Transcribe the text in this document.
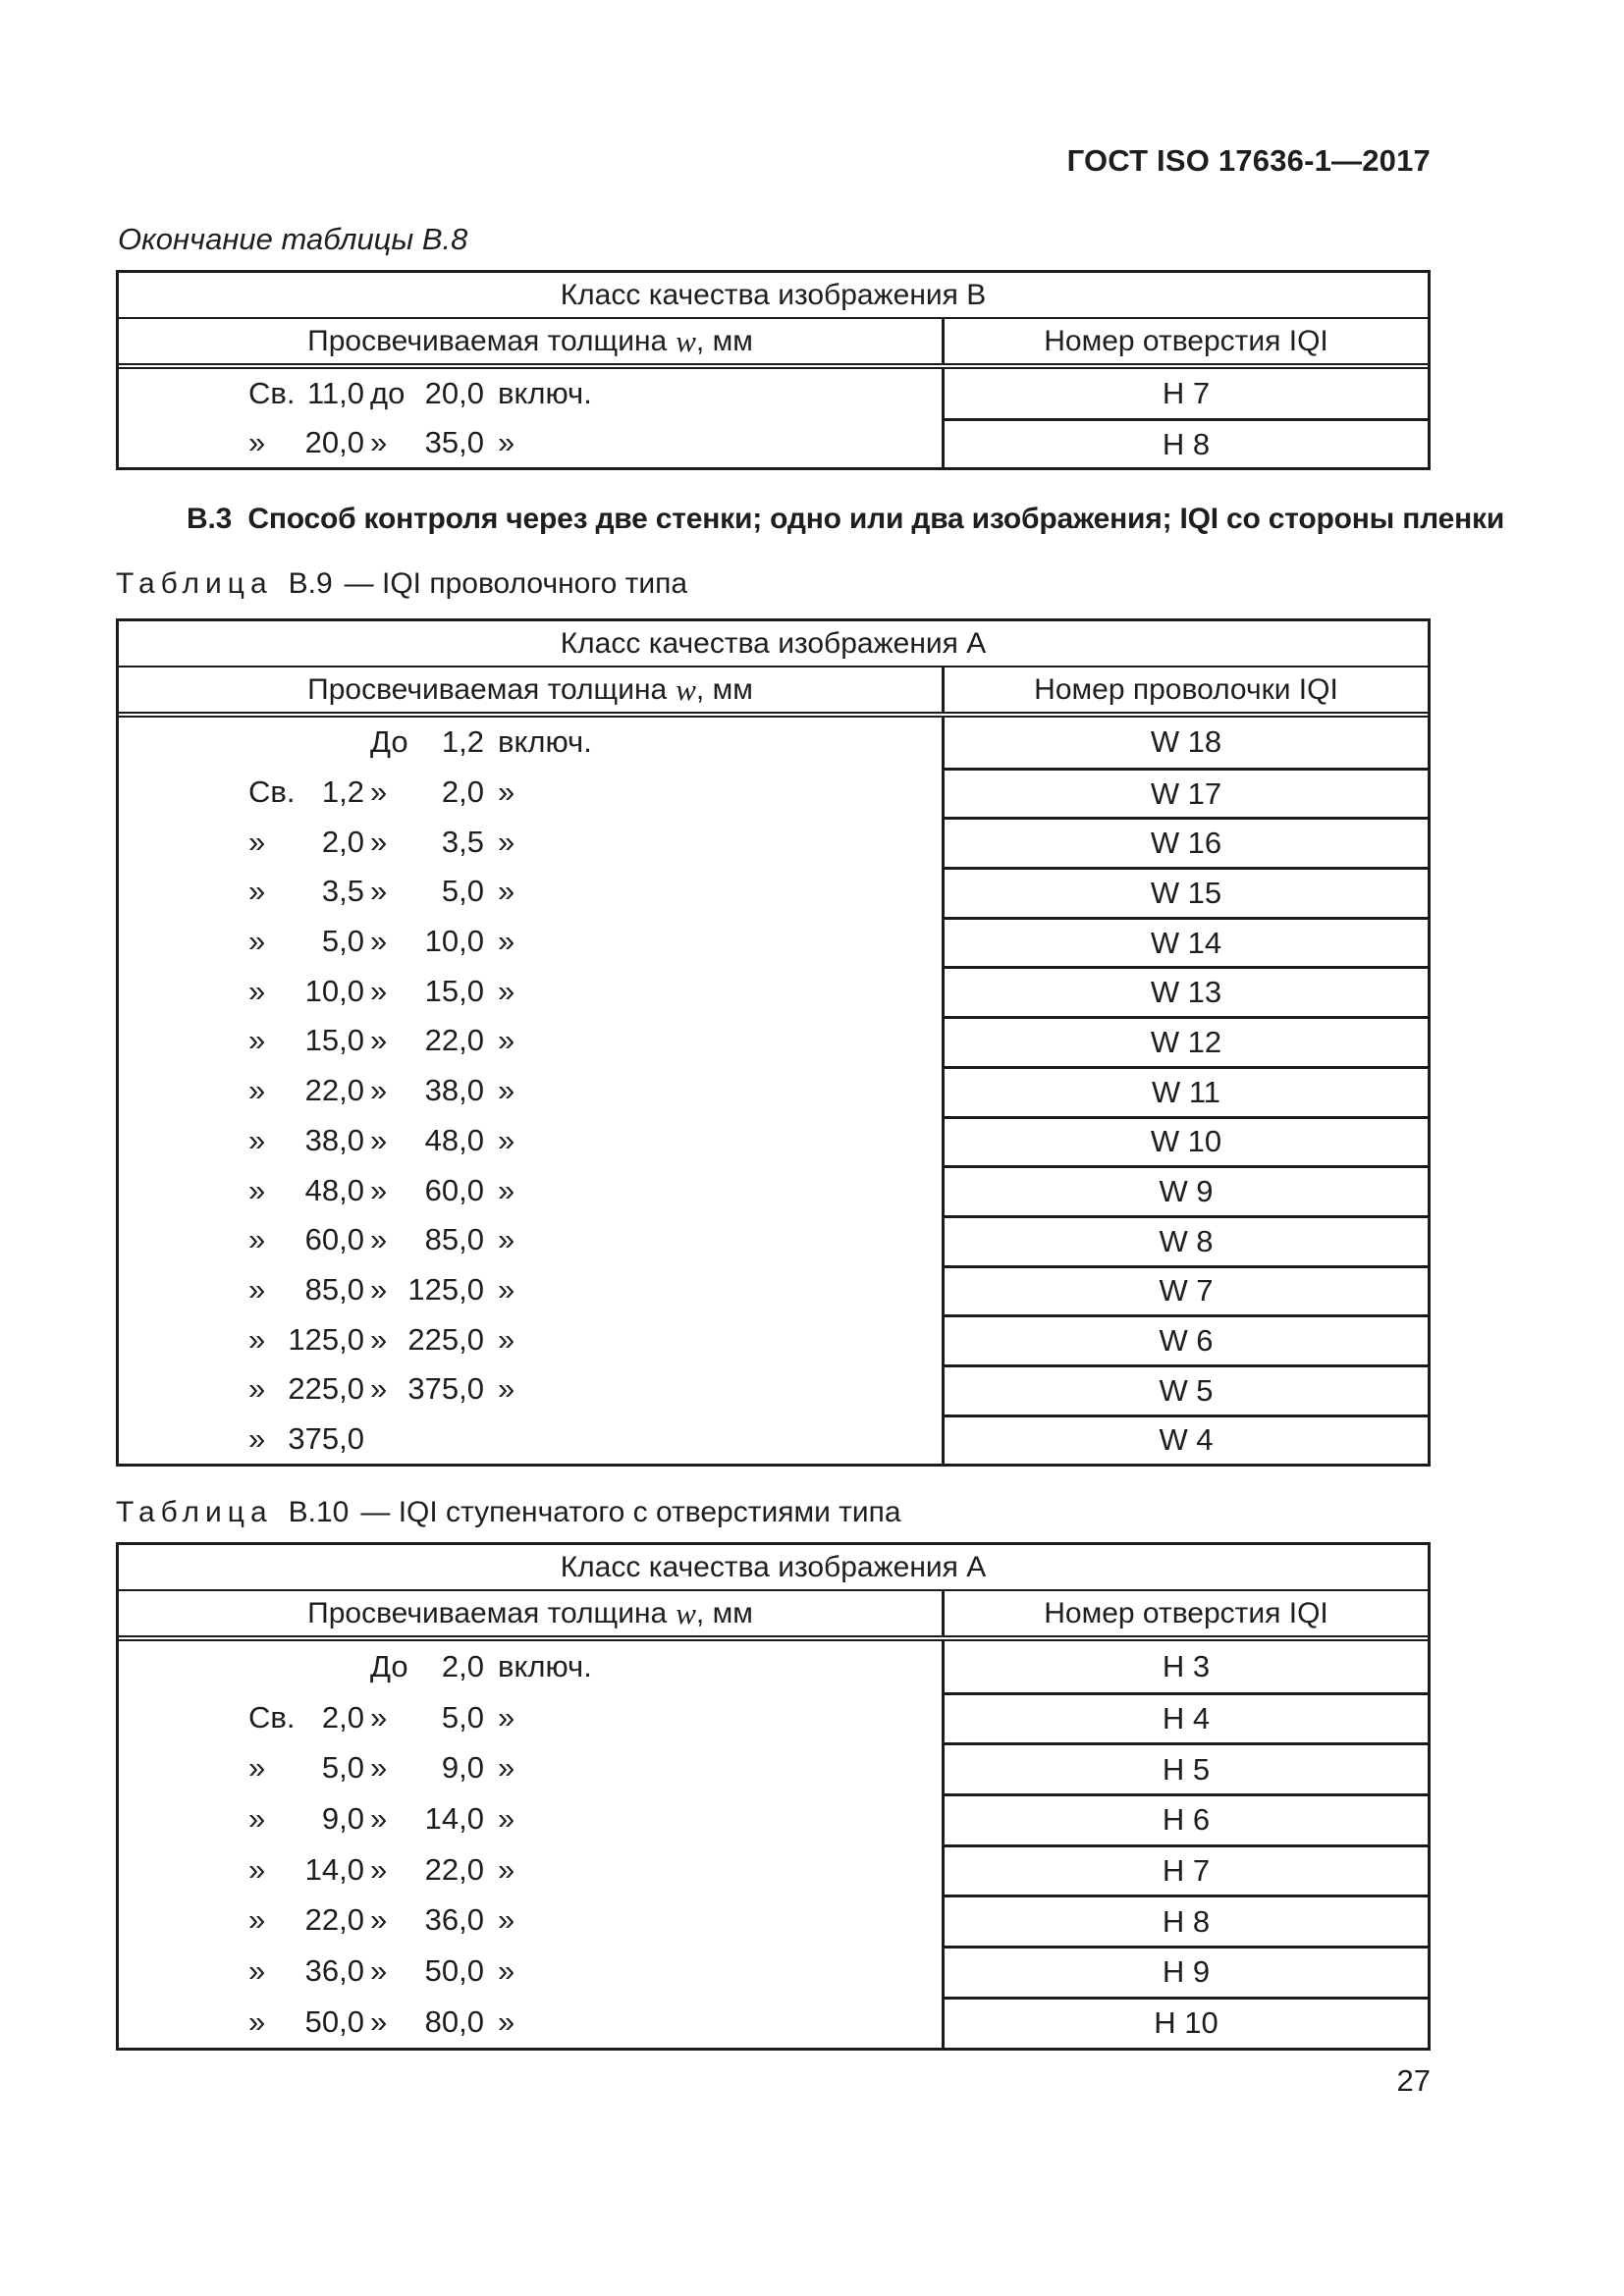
ГОСТ ISO 17636-1—2017
Окончание таблицы В.8
Класс качества изображения В
Просвечиваемая толщина w , мм	Номер отверстия IQI
Св. 11,0 до 20,0 включ.	Н 7
»	20,0 »	35,0 »	Н 8
В.3  Способ контроля через две стенки; одно или два изображения; IQI со стороны пленки
Таблица В.9 — IQI проволочного типа
Класс качества изображения А
Просвечиваемая толщина w , мм	Номер проволочки IQI
До	1,2 включ.	W 18
Св. 1,2 »	2,0 »	W 17
»	2,0 »	3,5 »	W 16
»	3,5 »	5,0 »	W 15
»	5,0 »	10,0 »	W 14
»	10,0 »	15,0 »	W 13
»	15,0 »	22,0 »	W 12
»	22,0 »	38,0 »	W 11
»	38,0 »	48,0 »	W 10
»	48,0 »	60,0 »	W 9
»	60,0 »	85,0 »	W 8
»	85,0 » 125,0 »	W 7
» 125,0 » 225,0 »	W 6
» 225,0 » 375,0 »	W 5
» 375,0	W 4
Таблица В.10 — IQI ступенчатого с отверстиями типа
Класс качества изображения А
Просвечиваемая толщина w , мм	Номер отверстия IQI
До	2,0 включ.	Н 3
Св. 2,0 »	5,0 »	Н 4
»	5,0 »	9,0 »	Н 5
»	9,0 »	14,0 »	Н 6
»	14,0 »	22,0 »	Н 7
»	22,0 »	36,0 »	Н 8
»	36,0 »	50,0 »	Н 9
»	50,0 »	80,0 »	Н 10
27
